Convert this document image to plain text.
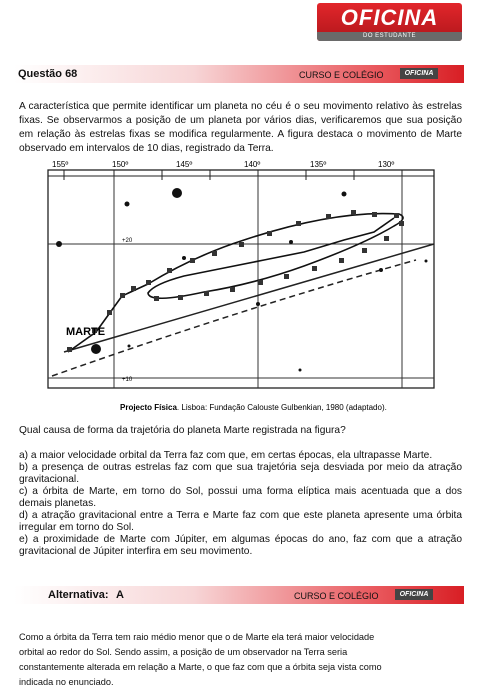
OFICINA
DO ESTUDANTE
Questão 68	CURSO E COLÉGIO	OFICINA
A característica que permite identificar um planeta no céu é o seu movimento relativo às estrelas fixas. Se observarmos a posição de um planeta por vários dias, verificaremos que sua posição em relação às estrelas fixas se modifica regularmente. A figura destaca o movimento de Marte observado em intervalos de 10 dias, registrado da Terra.
155º	150º	145º	140º	135º	130º
+20
+10
MARTE
Projecto Física. Lisboa: Fundação Calouste Gulbenkian, 1980 (adaptado).
Qual causa de forma da trajetória do planeta Marte registrada na figura?
a) a maior velocidade orbital da Terra faz com que, em certas épocas, ela ultrapasse Marte.
b) a presença de outras estrelas faz com que sua trajetória seja desviada por meio da atração gravitacional.
c) a órbita de Marte, em torno do Sol, possui uma forma elíptica mais acentuada que a dos demais planetas.
d) a atração gravitacional entre a Terra e Marte faz com que este planeta apresente uma órbita irregular em torno do Sol.
e) a proximidade de Marte com Júpiter, em algumas épocas do ano, faz com que a atração gravitacional de Júpiter interfira em seu movimento.
Alternativa: A	CURSO E COLÉGIO	OFICINA
Como a órbita da Terra tem raio médio menor que o de Marte ela terá maior velocidade orbital ao redor do Sol. Sendo assim, a posição de um observador na Terra seria constantemente alterada em relação a Marte, o que faz com que a órbita seja vista como indicada no enunciado.
